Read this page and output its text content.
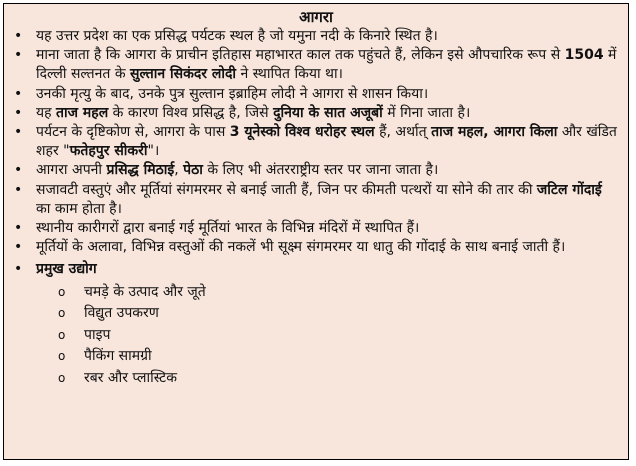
आगरा
• यह उत्तर प्रदेश का एक प्रसिद्ध पर्यटक स्थल है जो यमुना नदी के किनारे स्थित है।
• माना जाता है कि आगरा के प्राचीन इतिहास महाभारत काल तक पहुंचते हैं, लेकिन इसे औपचारिक रूप से 1504 में दिल्ली सल्तनत के सुल्तान सिकंदर लोदी ने स्थापित किया था।
• उनकी मृत्यु के बाद, उनके पुत्र सुल्तान इब्राहिम लोदी ने आगरा से शासन किया।
• यह ताज महल के कारण विश्व प्रसिद्ध है, जिसे दुनिया के सात अजूबों में गिना जाता है।
• पर्यटन के दृष्टिकोण से, आगरा के पास 3 यूनेस्को विश्व धरोहर स्थल हैं, अर्थात् ताज महल, आगरा किला और खंडित शहर "फतेहपुर सीकरी"।
• आगरा अपनी प्रसिद्ध मिठाई, पेठा के लिए भी अंतरराष्ट्रीय स्तर पर जाना जाता है।
• सजावटी वस्तुएं और मूर्तियां संगमरमर से बनाई जाती हैं, जिन पर कीमती पत्थरों या सोने की तार की जटिल गोंदाई का काम होता है।
• स्थानीय कारीगरों द्वारा बनाई गई मूर्तियां भारत के विभिन्न मंदिरों में स्थापित हैं।
• मूर्तियों के अलावा, विभिन्न वस्तुओं की नकलें भी सूक्ष्म संगमरमर या धातु की गोंदाई के साथ बनाई जाती हैं।
• प्रमुख उद्योग
o चमड़े के उत्पाद और जूते
o विद्युत उपकरण
o पाइप
o पैकिंग सामग्री
o रबर और प्लास्टिक
